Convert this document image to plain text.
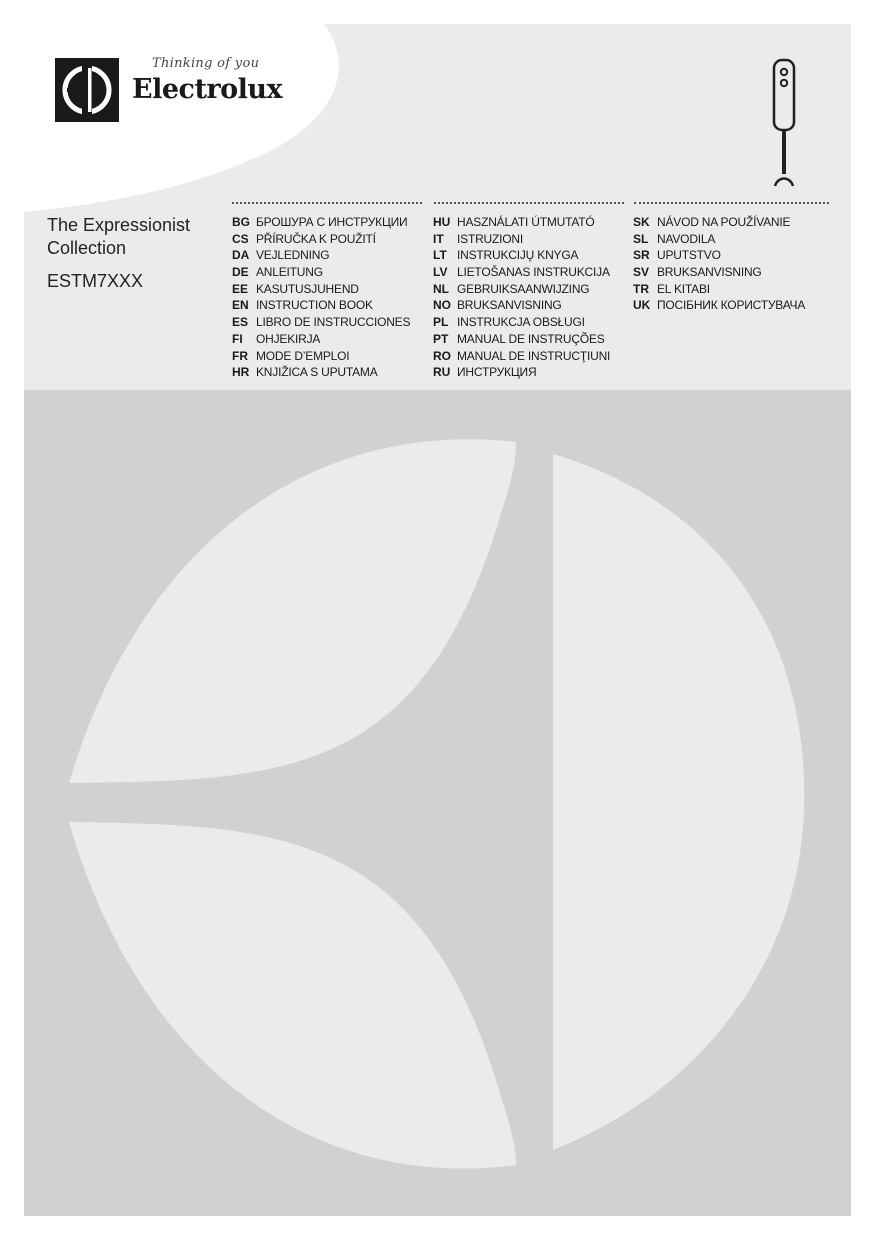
Thinking of you
Electrolux
The Expressionist Collection
ESTM7XXX
BG БРОШУРА С ИНСТРУКЦИИ
CS PŘÍRUČKA K POUŽITÍ
DA VEJLEDNING
DE ANLEITUNG
EE KASUTUSJUHEND
EN INSTRUCTION BOOK
ES LIBRO DE INSTRUCCIONES
FI	OHJEKIRJA
FR MODE D’EMPLOI
HR KNJIŽICA S UPUTAMA
HU HASZNÁLATI ÚTMUTATÓ
IT	ISTRUZIONI
LT INSTRUKCIJŲ KNYGA
LV LIETOŠANAS INSTRUKCIJA
NL GEBRUIKSAANWIJZING
NO BRUKSANVISNING
PL INSTRUKCJA OBSŁUGI
PT MANUAL DE INSTRUÇÕES
RO MANUAL DE INSTRUCŢIUNI
RU ИНСТРУКЦИЯ
SK NÁVOD NA POUŽÍVANIE
SL NAVODILA
SR UPUTSTVO
SV BRUKSANVISNING
TR EL KITABI
UK ПОСІБНИК КОРИСТУВАЧА
